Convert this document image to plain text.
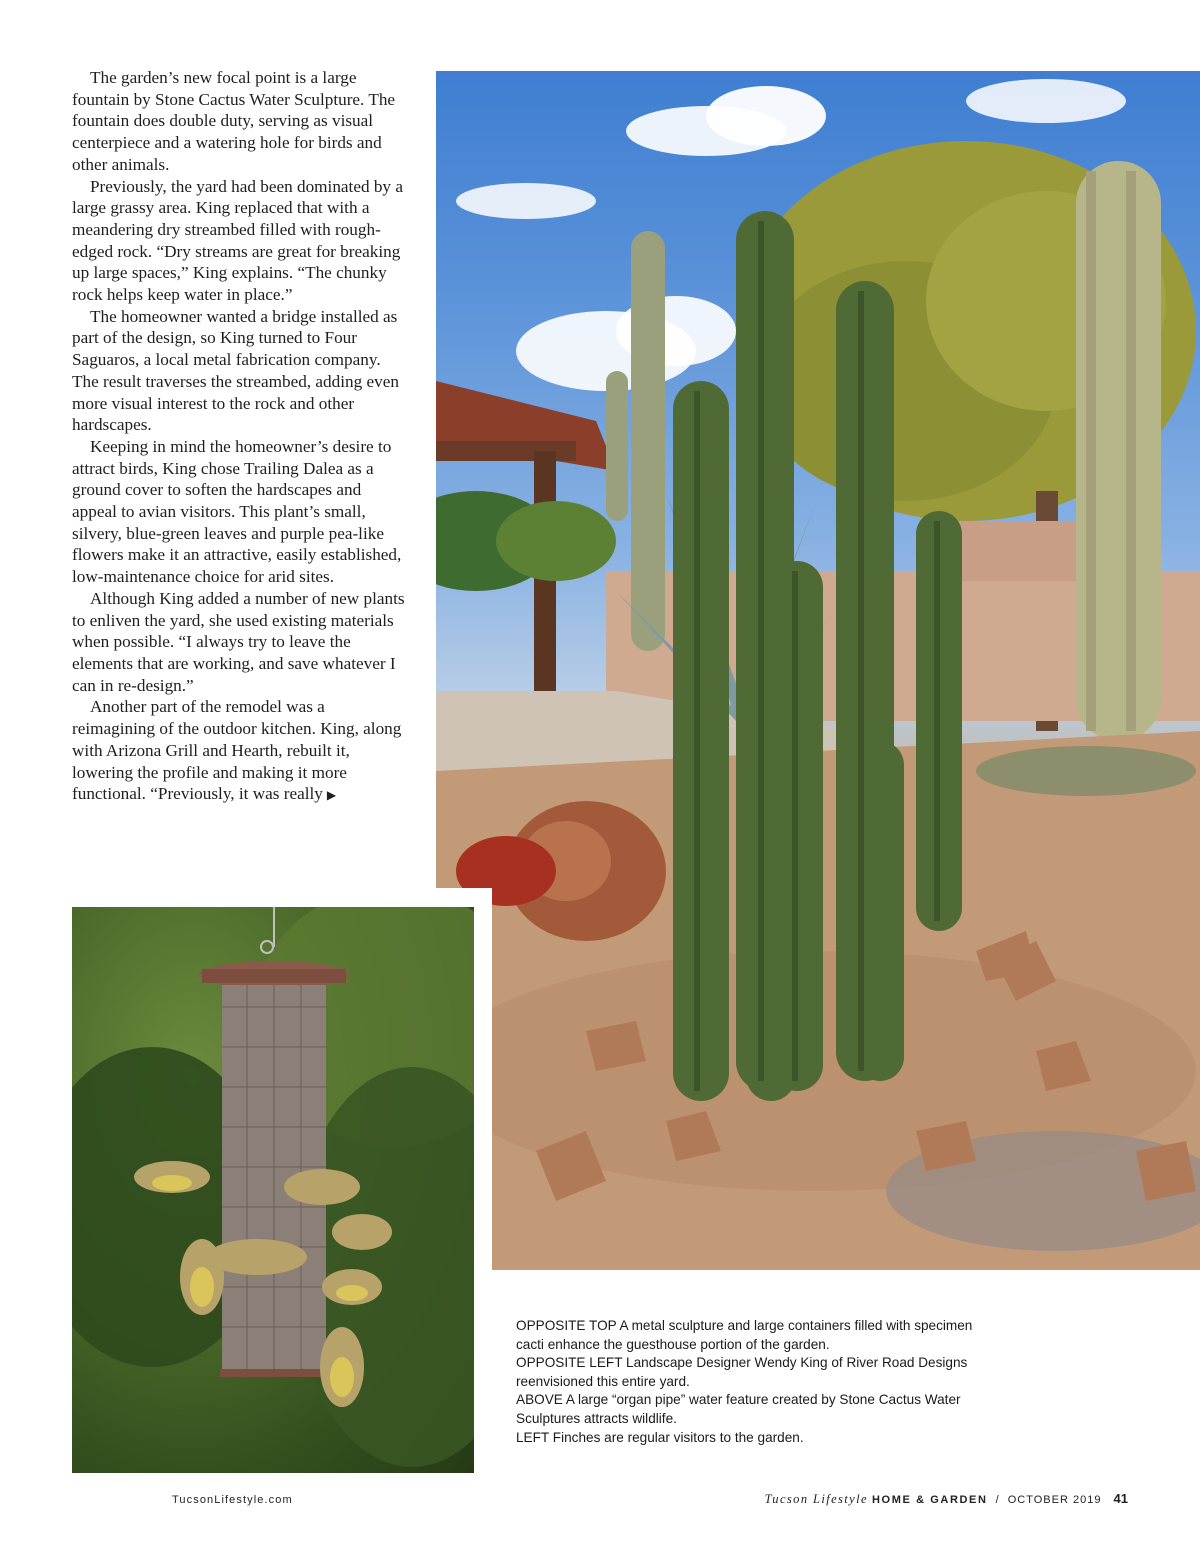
The garden’s new focal point is a large fountain by Stone Cactus Water Sculpture. The fountain does double duty, serving as visual centerpiece and a watering hole for birds and other animals.

Previously, the yard had been dominated by a large grassy area. King replaced that with a meandering dry streambed filled with rough-edged rock. “Dry streams are great for breaking up large spaces,” King explains. “The chunky rock helps keep water in place.”

The homeowner wanted a bridge installed as part of the design, so King turned to Four Saguaros, a local metal fabrication company. The result traverses the streambed, adding even more visual interest to the rock and other hardscapes.

Keeping in mind the homeowner’s desire to attract birds, King chose Trailing Dalea as a ground cover to soften the hardscapes and appeal to avian visitors. This plant’s small, silvery, blue-green leaves and purple pea-like flowers make it an attractive, easily established, low-maintenance choice for arid sites.

Although King added a number of new plants to enliven the yard, she used existing materials when possible. “I always try to leave the elements that are working, and save whatever I can in re-design.”

Another part of the remodel was a reimagining of the outdoor kitchen. King, along with Arizona Grill and Hearth, rebuilt it, lowering the profile and making it more functional. “Previously, it was really ▶

OPPOSITE TOP A metal sculpture and large containers filled with specimen cacti enhance the guesthouse portion of the garden.
OPPOSITE LEFT Landscape Designer Wendy King of River Road Designs reenvisioned this entire yard.
ABOVE A large “organ pipe” water feature created by Stone Cactus Water Sculptures attracts wildlife.
LEFT Finches are regular visitors to the garden.
TucsonLifestyle.com	Tucson Lifestyle HOME & GARDEN / OCTOBER 2019 41
